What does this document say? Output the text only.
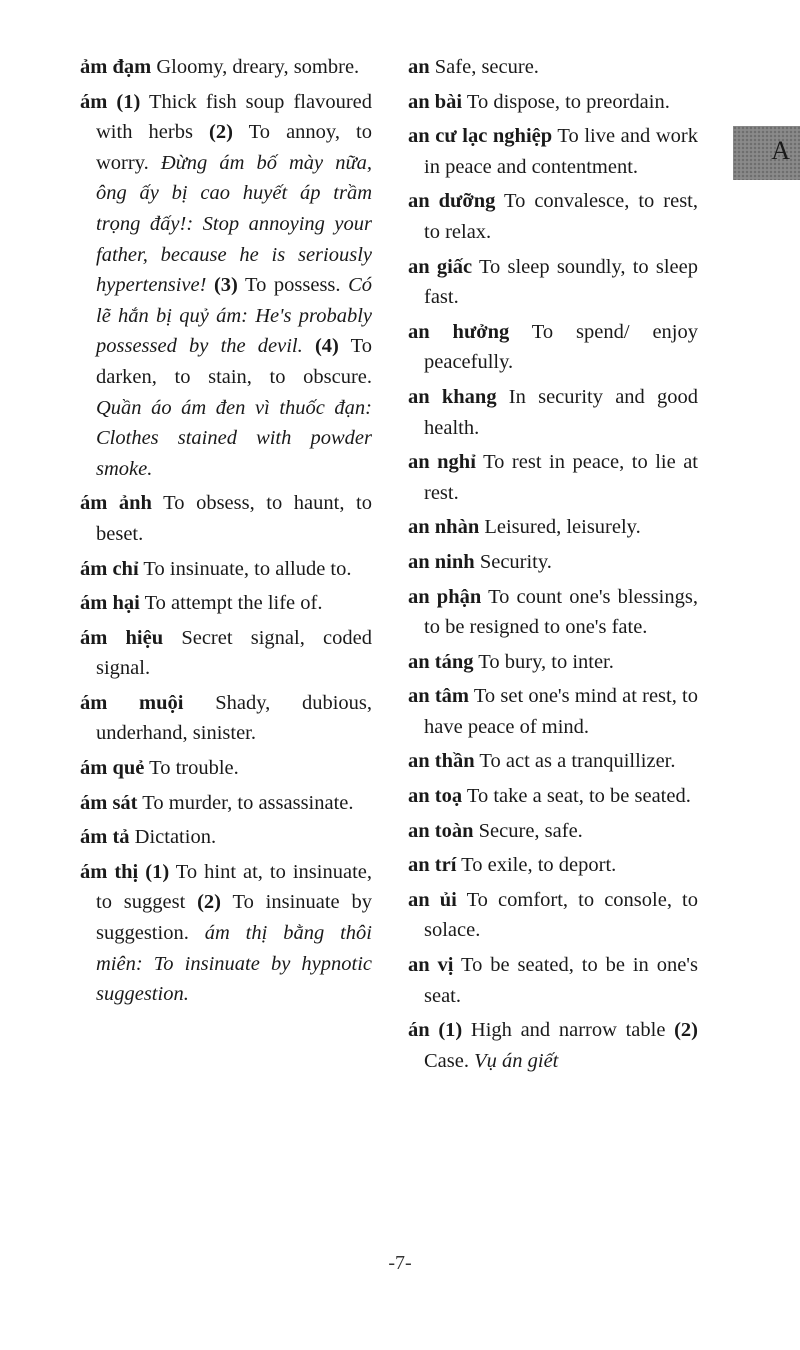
ảm đạm Gloomy, dreary, sombre.

ám (1) Thick fish soup flavoured with herbs (2) To annoy, to worry. Đừng ám bố mày nữa, ông ấy bị cao huyết áp trầm trọng đấy!: Stop annoying your father, because he is seriously hypertensive! (3) To possess. Có lẽ hắn bị quỷ ám: He's probably possessed by the devil. (4) To darken, to stain, to obscure. Quần áo ám đen vì thuốc đạn: Clothes stained with powder smoke.

ám ảnh To obsess, to haunt, to beset.

ám chỉ To insinuate, to allude to.

ám hại To attempt the life of.

ám hiệu Secret signal, coded signal.

ám muội Shady, dubious, underhand, sinister.

ám quẻ To trouble.

ám sát To murder, to assassinate.

ám tả Dictation.

ám thị (1) To hint at, to insinuate, to suggest (2) To insinuate by suggestion. ám thị bằng thôi miên: To insinuate by hypnotic suggestion.

an Safe, secure.

an bài To dispose, to preordain.

an cư lạc nghiệp To live and work in peace and contentment.

an dưỡng To convalesce, to rest, to relax.

an giấc To sleep soundly, to sleep fast.

an hưởng To spend/ enjoy peacefully.

an khang In security and good health.

an nghỉ To rest in peace, to lie at rest.

an nhàn Leisured, leisurely.

an ninh Security.

an phận To count one's blessings, to be resigned to one's fate.

an táng To bury, to inter.

an tâm To set one's mind at rest, to have peace of mind.

an thần To act as a tranquillizer.

an toạ To take a seat, to be seated.

an toàn Secure, safe.

an trí To exile, to deport.

an ủi To comfort, to console, to solace.

an vị To be seated, to be in one's seat.

án (1) High and narrow table (2) Case. Vụ án giết

A
-7-
